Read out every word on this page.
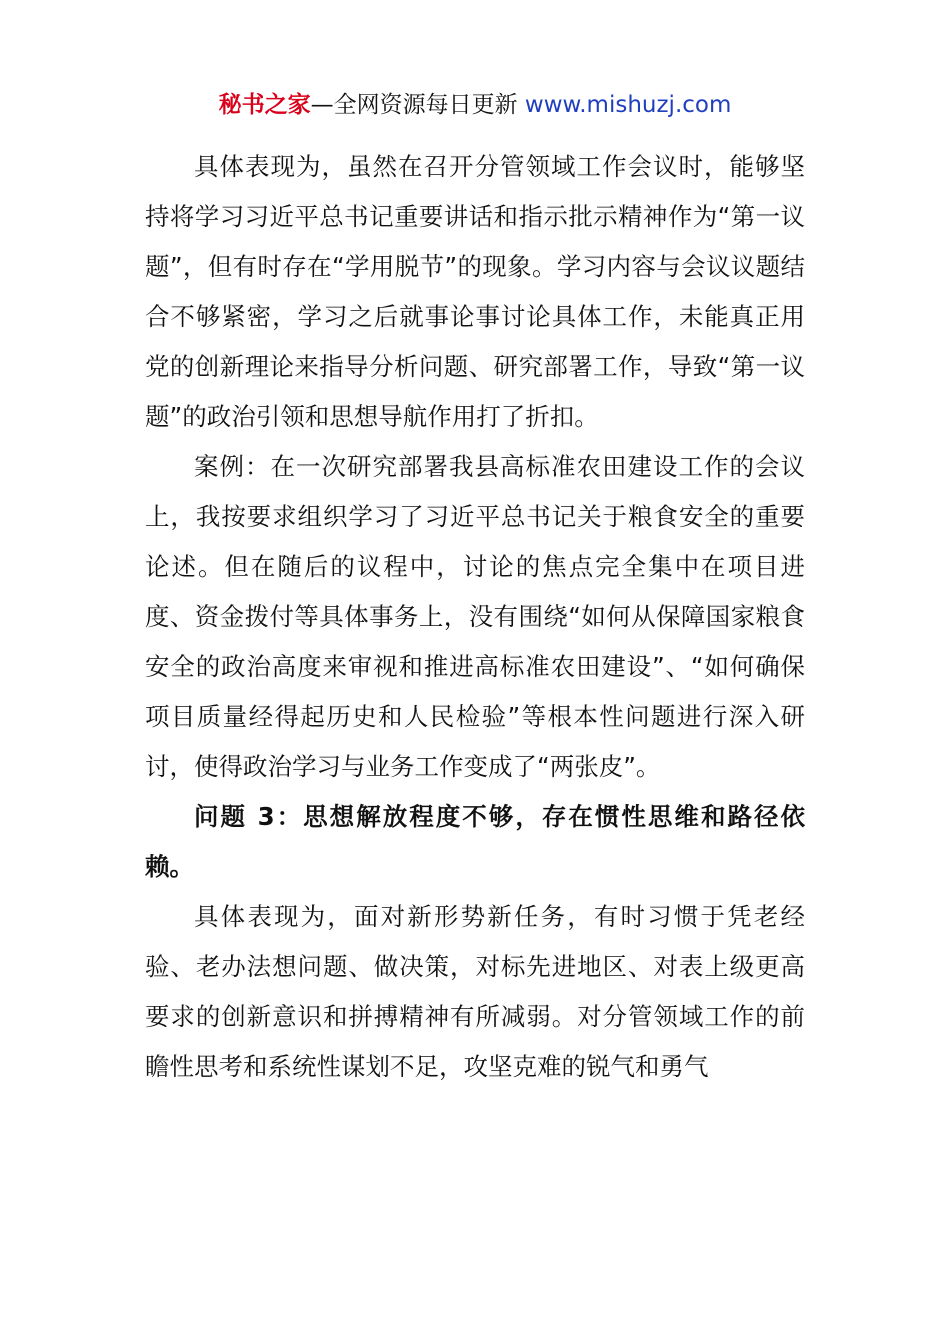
秘书之家—全网资源每日更新 www.mishuzj.com

具体表现为，虽然在召开分管领域工作会议时，能够坚持将学习习近平总书记重要讲话和指示批示精神作为“第一议题”，但有时存在“学用脱节”的现象。学习内容与会议议题结合不够紧密，学习之后就事论事讨论具体工作，未能真正用党的创新理论来指导分析问题、研究部署工作，导致“第一议题”的政治引领和思想导航作用打了折扣。

案例：在一次研究部署我县高标准农田建设工作的会议上，我按要求组织学习了习近平总书记关于粮食安全的重要论述。但在随后的议程中，讨论的焦点完全集中在项目进度、资金拨付等具体事务上，没有围绕“如何从保障国家粮食安全的政治高度来审视和推进高标准农田建设”、“如何确保项目质量经得起历史和人民检验”等根本性问题进行深入研讨，使得政治学习与业务工作变成了“两张皮”。

问题 3：思想解放程度不够，存在惯性思维和路径依赖。

具体表现为，面对新形势新任务，有时习惯于凭老经验、老办法想问题、做决策，对标先进地区、对表上级更高要求的创新意识和拼搏精神有所减弱。对分管领域工作的前瞻性思考和系统性谋划不足，攻坚克难的锐气和勇气
